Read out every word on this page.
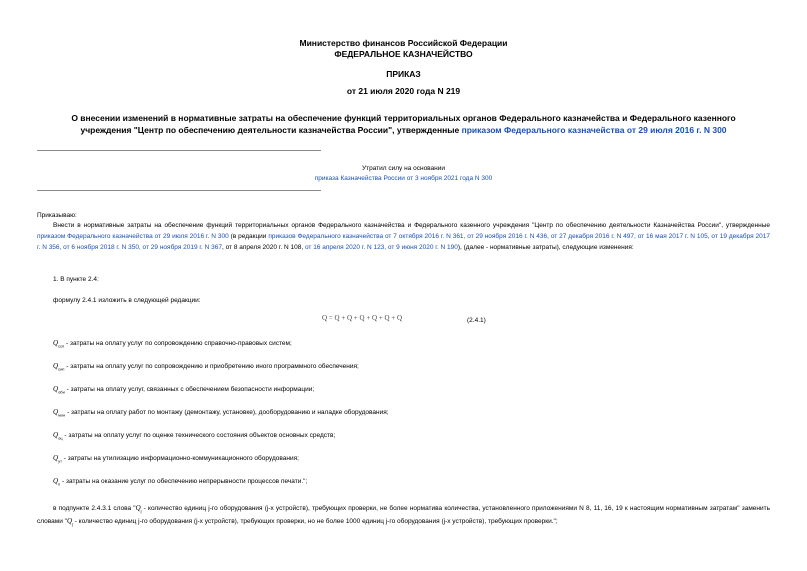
Министерство финансов Российской Федерации
ФЕДЕРАЛЬНОЕ КАЗНАЧЕЙСТВО
ПРИКАЗ
от 21 июля 2020 года N 219
О внесении изменений в нормативные затраты на обеспечение функций территориальных органов Федерального казначейства и Федерального казенного
учреждения "Центр по обеспечению деятельности казначейства России", утвержденные приказом Федерального казначейства от 29 июля 2016 г. N 300
Утратил силу на основании
приказа Казначейства России от 3 ноября 2021 года N 300
Приказываю:
Внести в нормативные затраты на обеспечение функций территориальных органов Федерального казначейства и Федерального казенного учреждения "Центр по обеспечению деятельности Казначейства России", утвержденные приказом Федерального казначейства от 29 июля 2016 г. N 300 (в редакции приказов Федерального казначейства от 7 октября 2016 г. N 361, от 29 ноября 2016 г. N 436, от 27 декабря 2016 г. N 497, от 16 мая 2017 г. N 105, от 19 декабря 2017 г. N 356, от 6 ноября 2018 г. N 350, от 29 ноября 2019 г. N 367, от 8 апреля 2020 г. N 108, от 16 апреля 2020 г. N 123, от 9 июня 2020 г. N 190), (далее - нормативные затраты), следующие изменения:
1. В пункте 2.4:
формулу 2.4.1 изложить в следующей редакции:
Q = Q + Q + Q + Q + Q + Q	(2.4.1)
$Q_{ссп}$ - затраты на оплату услуг по сопровождению справочно-правовых систем;
$Q_{сип}$ - затраты на оплату услуг по сопровождению и приобретению иного программного обеспечения;
$Q_{оби}$ - затраты на оплату услуг, связанных с обеспечением безопасности информации;
$Q_{мон}$ - затраты на оплату работ по монтажу (демонтажу, установке), дооборудованию и наладке оборудования;
$Q_{оц}$ - затраты на оплату услуг по оценке технического состояния объектов основных средств;
$Q_{ут}$ - затраты на утилизацию информационно-коммуникационного оборудования;
$Q_п$ - затраты на оказание услуг по обеспечению непрерывности процессов печати.";
в подпункте 2.4.3.1 слова "$Q_j$ - количество единиц j-го оборудования (j-х устройств), требующих проверки, не более норматива количества, установленного приложениями N 8, 11, 16, 19 к настоящим нормативным затратам" заменить словами "$Q_j$ - количество единиц j-го оборудования (j-х устройств), требующих проверки, но не более 1000 единиц j-го оборудования (j-х устройств), требующих проверки.";
